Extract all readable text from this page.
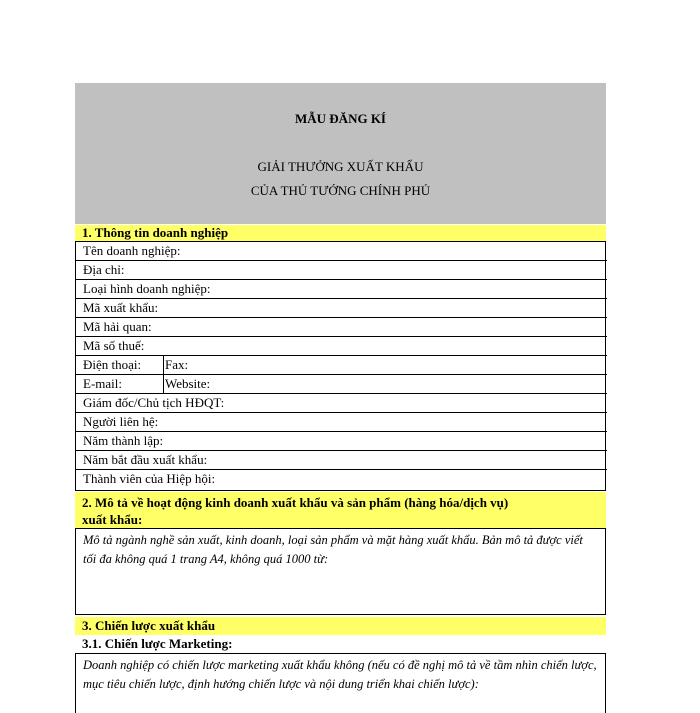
MẪU ĐĂNG KÍ
GIẢI THƯỞNG XUẤT KHẨU
CỦA THỦ TƯỚNG CHÍNH PHỦ
1. Thông tin doanh nghiệp
Tên doanh nghiệp:
Địa chỉ:
Loại hình doanh nghiệp:
Mã xuất khẩu:
Mã hải quan:
Mã số thuế:
Điện thoại:	Fax:
E-mail:	Website:
Giám đốc/Chủ tịch HĐQT:
Người liên hệ:
Năm thành lập:
Năm bắt đầu xuất khẩu:
Thành viên của Hiệp hội:
2. Mô tả về hoạt động kinh doanh xuất khẩu và sản phẩm (hàng hóa/dịch vụ)
xuất khẩu:
Mô tả ngành nghề sản xuất, kinh doanh, loại sản phẩm và mặt hàng xuất khẩu. Bản mô tả được viết tối đa không quá 1 trang A4, không quá 1000 từ:
3. Chiến lược xuất khẩu
3.1. Chiến lược Marketing:
Doanh nghiệp có chiến lược marketing xuất khẩu không (nếu có đề nghị mô tả về tầm nhìn chiến lược, mục tiêu chiến lược, định hướng chiến lược và nội dung triển khai chiến lược):
